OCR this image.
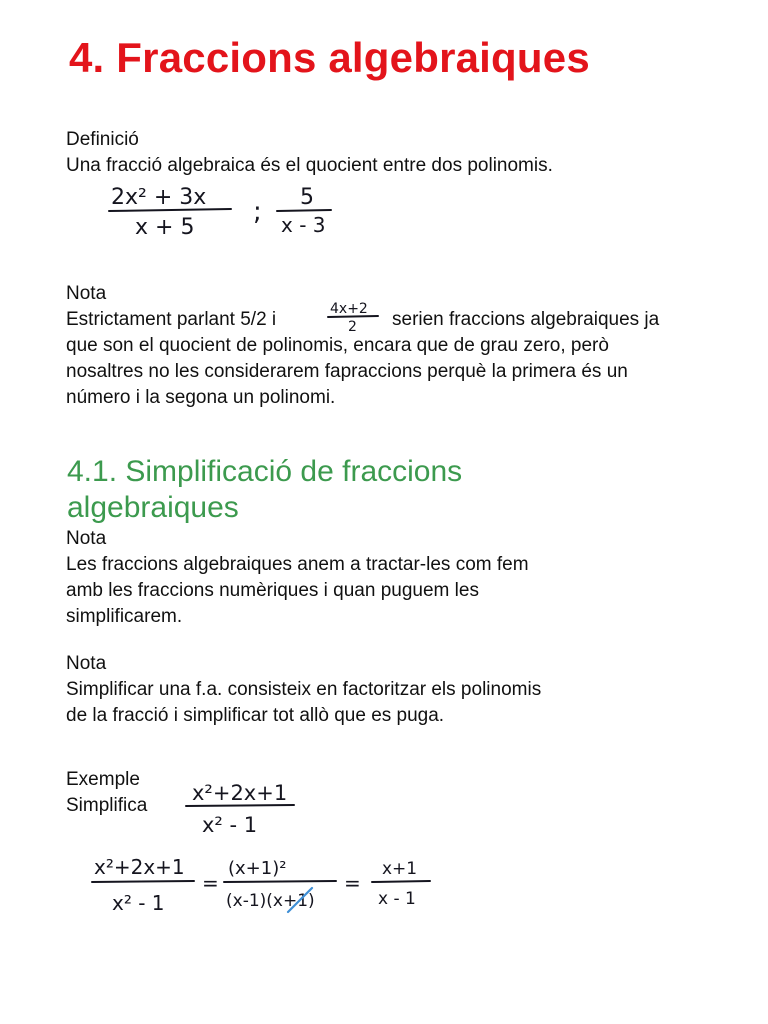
4. Fraccions algebraiques
Definició
Una fracció algebraica és el quocient entre dos polinomis.
2x² + 3x
x + 5
; 5
x - 3
Nota
Estrictament parlant 5/2 i	4x+2
2 serien fraccions algebraiques ja
que son el quocient de polinomis, encara que de grau zero, però
nosaltres no les considerarem fapraccions perquè la primera és un
número i la segona un polinomi.
4.1. Simplificació de fraccions algebraiques
Nota
Les fraccions algebraiques anem a tractar-les com fem
amb les fraccions numèriques i quan puguem les
simplificarem.
Nota
Simplificar una f.a. consisteix en factoritzar els polinomis
de la fracció i simplificar tot allò que es puga.
Exemple
Simplifica
x²+2x+1
x² - 1
x²+2x+1
x² - 1
=
(x+1)²
(x-1)(x+1)
=
x+1
x - 1
